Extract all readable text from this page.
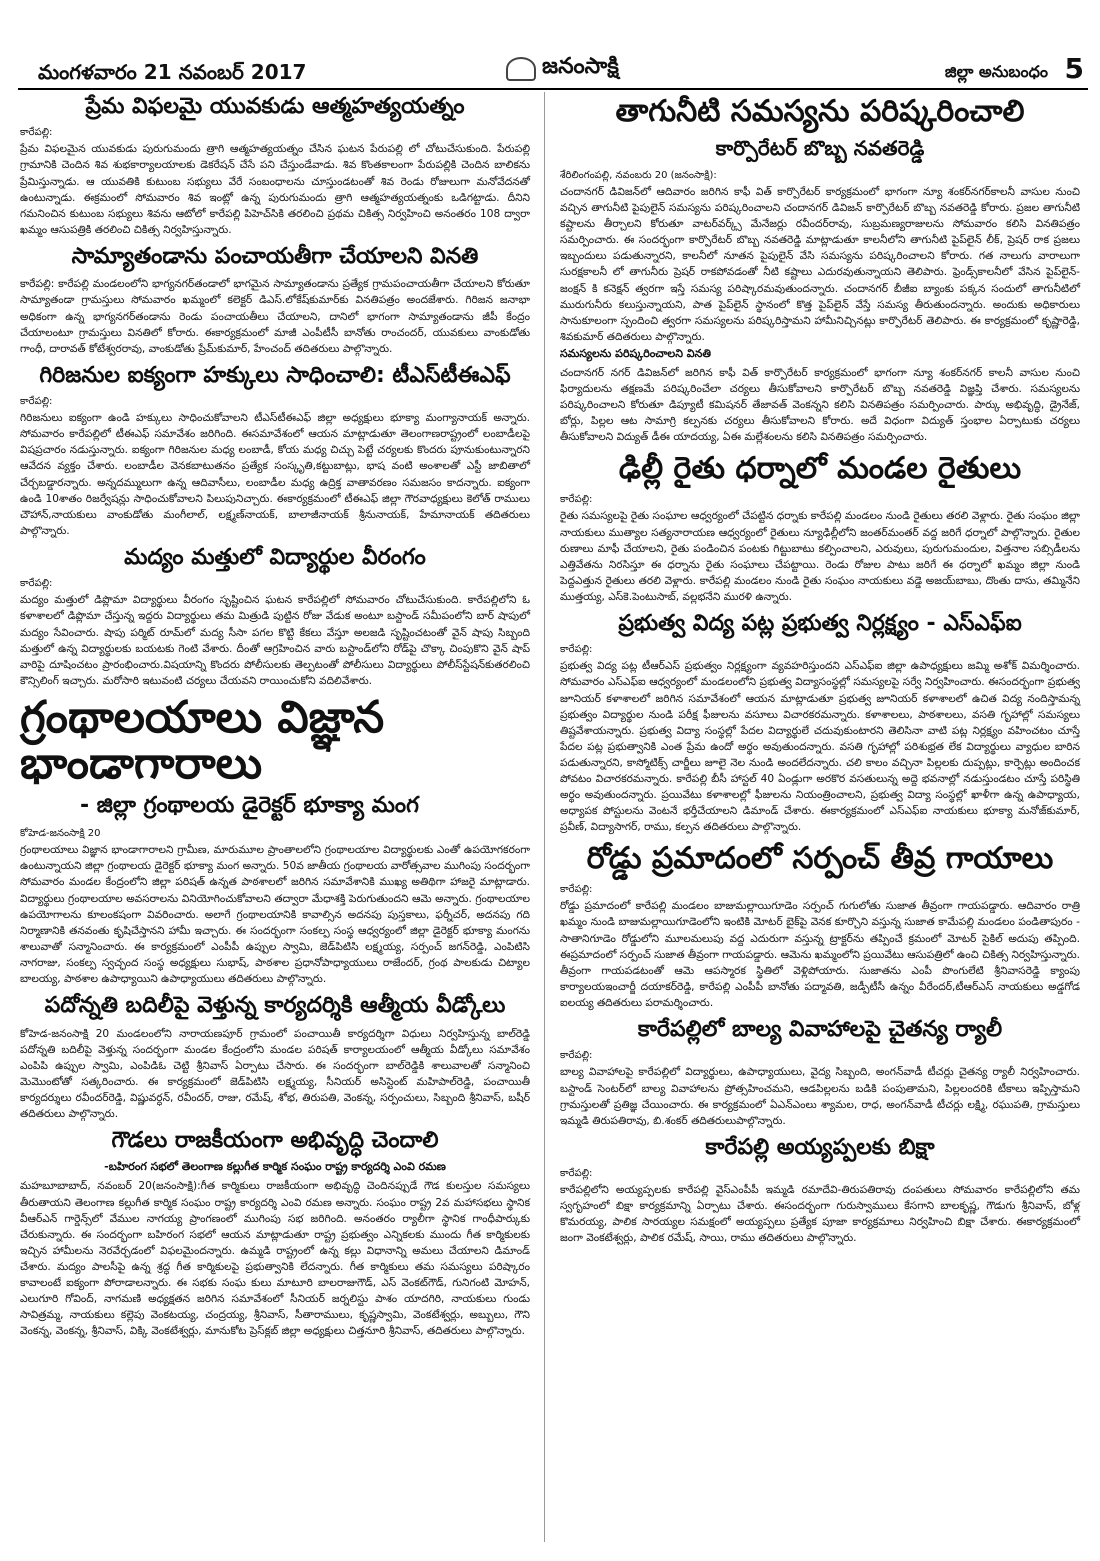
మంగళవారం 21 నవంబర్ 2017	జనంసాక్షి	జిల్లా అనుబంధం 5
ప్రేమ విఫలమై యువకుడు ఆత్మహత్యయత్నం
కారేపల్లి:
ప్రేమ విఫలమైన యువకుడు పురుగుమందు త్రాగి ఆత్మహత్యయత్నం చేసిన ఘటన పేరుపల్లి లో చోటుచేసుకుంది. పేరుపల్లి గ్రామానికి చెందిన శివ శుభకార్యాలయాలకు డెకరేషన్ చేసే పని చేస్తుండేవాడు. శివ కొంతకాలంగా పేరుపల్లికి చెందిన బాలికను ప్రేమిస్తున్నాడు. ఆ యువతికి కుటుంబ సభ్యులు వేరే సంబంధాలను చూస్తుండటంతో శివ రెండు రోజులుగా మనోవేదనతో ఉంటున్నాడు. ఈక్రమంలో సోమవారం శివ ఇంట్లో ఉన్న పురుగుమందు త్రాగి ఆత్మహత్యయత్నంకు ఒడిగట్టాడు. దీనిని గమనించిన కుటుంబ సభ్యులు శివను ఆటోలో కారేపల్లి పిహెచ్‌సికి తరలించి ప్రథమ చికిత్స నిర్వహించి అనంతరం 108 ద్వారా ఖమ్మం ఆసుపత్రికి తరలించి చికిత్స నిర్వహిస్తున్నారు.
సామ్యాతండాను పంచాయతీగా చేయాలని వినతి
కారేపల్లి: కారేపల్లి మండలంలోని భాగ్యనగర్‌తండాలో భాగమైన సామ్యాతండాను ప్రత్యేక గ్రామపంచాయతీగా చేయాలని కోరుతూ సామ్యాతండా గ్రామస్తులు సోమవారం ఖమ్మంలో కలెక్టర్ డిఎస్.లోకేష్‌కుమార్‌కు వినతిపత్రం అందజేశారు. గిరిజన జనాభా అధికంగా ఉన్న భాగ్యనగర్‌తండాను రెండు పంచాయతీలు చేయాలని, దానిలో భాగంగా సామ్యాతండాను జీపీ కేంద్రం చేయాలంటూ గ్రామస్తులు వినతిలో కోరారు. ఈకార్యక్రమంలో మాజీ ఎంపీటీసీ బానోతు రాంచందర్, యువకులు వాంకుడోతు గాంధీ, దారావత్ కోటేశ్వరరావు, వాంకుడోతు ప్రేమ్‌కుమార్, హేంచంద్ తదితరులు పాల్గొన్నారు.
గిరిజనుల ఐక్యంగా హక్కులు సాధించాలి: టీఎస్‌టీఈఎఫ్
కారేపల్లి:
గిరిజనులు ఐక్యంగా ఉండి హక్కులు సాధించుకోవాలని టీఎస్‌టీఈఎఫ్ జిల్లా అధ్యక్షులు భూక్యా మంగ్యానాయక్ అన్నారు. సోమవారం కారేపల్లిలో టీఈఎఫ్ సమావేశం జరిగింది. ఈసమావేశంలో ఆయన మాట్లాడుతూ తెలంగాణరాష్ట్రంలో లంబాడీలపై విషప్రచారం నడుస్తున్నారు. ఐక్యంగా గిరిజనుల మధ్య లంబాడీ, కోయ మధ్య చిచ్చు పెట్టే చర్యలకు కొందరు పూనుకుంటున్నారని ఆవేదన వ్యక్తం చేశారు. లంబాడీల వెనకబాటుతనం ప్రత్యేక సంస్కృతి,కట్టుబాట్లు, భాష వంటి అంశాలతో ఎస్టీ జాబితాలో చేర్చబడ్డారన్నారు. అన్నదమ్ములుగా ఉన్న ఆదివాసీలు, లంబాడీల మధ్య ఉద్రిక్త వాతావరణం సమజసం కాదన్నారు. ఐక్యంగా ఉండి 10శాతం రిజర్వేషన్లు సాధించుకోవాలని పిలుపునిచ్చారు. ఈకార్యక్రమంలో టీఈఎఫ్ జిల్లా గౌరవాధ్యక్షులు కెలోత్ రాములు చౌహాన్,నాయకులు వాంకుడోతు మంగీలాల్, లక్ష్మణ్‌నాయక్, బాలాజీనాయక్ శ్రీనునాయక్, హేమానాయక్ తదితరులు పాల్గొన్నారు.
మద్యం మత్తులో విద్యార్థుల వీరంగం
కారేపల్లి:
మద్యం మత్తులో డిప్లొమా విద్యార్థులు వీరంగం సృష్టించిన ఘటన కారేపల్లిలో సోమవారం చోటుచేసుకుంది. కారేపల్లిలోని ఓ కళాశాలలో డిప్లొమా చేస్తున్న ఇద్దరు విద్యార్థులు తమ మిత్రుడి పుట్టిన రోజు వేడుక అంటూ బస్టాండ్ సమీపంలోని బార్ షాపులో మద్యం సేవించారు. షాపు పర్మిట్ రూమ్‌లో మద్య సీసా పగల కొట్టి కేకలు వేస్తూ అలజడి సృష్టించటంతో వైన్ షాపు సిబ్బంది మత్తులో ఉన్న విద్యార్థులకు బయటకు గెంటి వేశారు. దీంతో ఆగ్రహించిన వారు బస్టాండ్‌లోని రోడ్‌పై చొక్కా చింపుకొని వైన్ షాప్ వారిపై దూషించటం ప్రారంభించారు.విషయాన్ని కొందరు పోలీసులకు తెల్పటంతో పోలీసులు విద్యార్థులు పోలీస్‌స్టేషన్‌కుతరలించి కౌన్సిలింగ్ ఇచ్చారు. మరోసారి ఇటువంటి చర్యలు చేయవని రాయించుకోని వదిలివేశారు.
గ్రంథాలయాలు విజ్ఞాన భాండాగారాలు
- జిల్లా గ్రంథాలయ డైరెక్టర్ భూక్యా మంగ
కోహెడ-జనంసాక్షి 20
గ్రంథాలయాలు విజ్ఞాన భాండాగారాలని గ్రామీణ, మారుమూల ప్రాంతాలలోని గ్రంథాలయాల విద్యార్థులకు ఎంతో ఉపయోగకరంగా ఉంటున్నాయని జిల్లా గ్రంథాలయ డైరెక్టర్ భూక్యా మంగ అన్నారు. 50వ జాతీయ గ్రంథాలయ వారోత్సవాల ముగింపు సందర్భంగా సోమవారం మండల కేంద్రంలోని జిల్లా పరిషత్ ఉన్నత పాఠశాలలో జరిగిన సమావేశానికి ముఖ్య అతిథిగా హాజరై మాట్లాడారు. విద్యార్థులు గ్రంథాలయాల అవసరాలను వినియోగించుకోవాలని తద్వారా మేధాశక్తి పెరుగుతుందని ఆమె అన్నారు. గ్రంథాలయాల ఉపయోగాలను కూలంకషంగా వివరించారు. అలాగే గ్రంథాలయానికి కావాల్సిన అదనపు పుస్తకాలు, ఫర్నీచర్, అదనపు గది నిర్మాణానికి తనవంతు కృషిచేస్తానని హామీ ఇచ్చారు. ఈ సందర్భంగా సంకల్ప సంస్థ ఆధ్వర్యంలో జిల్లా డైరెక్టర్ భూక్యా మంగను శాలువాతో సన్మానించారు. ఈ కార్యక్రమంలో ఎంపీపీ ఉప్పుల స్వామి, జెడ్‌పిటిసి లక్ష్మయ్య, సర్పంచ్ జగన్‌రెడ్డి, ఎంపిటిసి నాగరాజు, సంకల్ప స్వచ్ఛంద సంస్థ అధ్యక్షులు సుభాష్, పాఠశాల ప్రధానోపాధ్యాయులు రాజేందర్, గ్రంథ పాలకుడు చిట్యాల బాలయ్య, పాఠశాల ఉపాధ్యాయిని ఉపాధ్యాయులు తదితరులు పాల్గొన్నారు.
పదోన్నతి బదిలీపై వెళ్తున్న కార్యదర్శికి ఆత్మీయ వీడ్కోలు
కోహెడ-జనంసాక్షి 20 మండలంలోని నారాయణపూర్ గ్రామంలో పంచాయితీ కార్యదర్శిగా విధులు నిర్వహిస్తున్న బాల్‌రెడ్డి పదోన్నతి బదిలీపై వెళ్తున్న సందర్భంగా మండల కేంద్రంలోని మండల పరిషత్ కార్యాలయంలో ఆత్మీయ వీడ్కోలు సమావేశం ఎంపిపి ఉప్పుల స్వామి, ఎంపిడిఓ చెట్టి శ్రీనివాస్ ఏర్పాటు చేసారు. ఈ సందర్భంగా బాల్‌రెడ్డికి శాలువాలతో సన్మానించి మెమొంటోతో సత్కరించారు. ఈ కార్యక్రమంలో జెడ్‌పిటిసి లక్ష్మయ్య, సీనియర్ అసిస్టెంట్ మహిపాల్‌రెడ్డి, పంచాయితీ కార్యదర్శులు రవీందర్‌రెడ్డి, విష్ణువర్ధన్, రవీందర్, రాజు, రమేష్, శోభ, తిరుపతి, వెంకన్న, సర్పంచులు, సిబ్బంది శ్రీనివాస్, బషీర్ తదితరులు పాల్గొన్నారు.
గౌడలు రాజకీయంగా అభివృద్ధి చెందాలి
-బహిరంగ సభలో తెలంగాణ కల్లుగీత కార్మిక సంఘం రాష్ట్ర కార్యదర్శి ఎంవి రమణ
మహబూబాబాద్, నవంబర్ 20(జనంసాక్షి):గీత కార్మికులు రాజకీయంగా అభివృద్ధి చెందినప్పుడే గౌడ కులస్తుల సమస్యలు తీరుతాయని తెలంగాణ కల్లుగీత కార్మిక సంఘం రాష్ట్ర కార్యదర్శి ఎంవి రమణ అన్నారు. సంఘం రాష్ట్ర 2వ మహాసభలు స్థానిక వీఆర్‌ఎన్ గార్డెన్స్‌లో వేముల నాగయ్య ప్రాంగణంలో ముగింపు సభ జరిగింది. అనంతరం ర్యాలీగా స్థానిక గాంధీపార్కుకు చేరుకున్నారు. ఈ సందర్భంగా బహిరంగ సభలో ఆయన మాట్లాడుతూ రాష్ట్ర ప్రభుత్వం ఎన్నికలకు ముందు గీత కార్మికులకు ఇచ్చిన హామీలను నెరవేర్చడంలో విఫలమైందన్నారు. ఉమ్మడి రాష్ట్రంలో ఉన్న కల్లు విధానాన్ని అమలు చేయాలని డిమాండ్ చేశారు. మద్యం పాలసీపై ఉన్న శ్రద్ధ గీత కార్మికులపై ప్రభుత్వానికి లేదన్నారు. గీత కార్మికులు తమ సమస్యలు పరిష్కారం కావాలంటే ఐక్యంగా పోరాడాలన్నారు. ఈ సభకు సంఘ కులు మాటూరి బాలరాజుగౌడ్, ఎస్ వెంకట్‌గౌడ్, గునిగంటి మోహన్, ఎలుగూరి గోవింద్, నాగమణి అధ్యక్షతన జరిగిన సమావేశంలో సీనియర్ జర్నలిస్టు పాశం యాదగిరి, నాయకులు గుండు సావిత్రమ్మ, నాయకులు కల్లెపు వెంకటయ్య, చంద్రయ్య, శ్రీనివాస్, సీతారాములు, కృష్ణస్వామి, వెంకటేశ్వర్లు, అబ్బులు, గౌని వెంకన్న, వెంకన్న, శ్రీనివాస్, విక్కి వెంకటేశ్వర్లు, మానుకోట ప్రెస్‌క్లబ్ జిల్లా అధ్యక్షులు చిత్తనూరి శ్రీనివాస్, తదితరులు పాల్గొన్నారు.
తాగునీటి సమస్యను పరిష్కరించాలి
కార్పొరేటర్ బొబ్బ నవతరెడ్డి
శేరిలింగంపల్లి, నవంబరు 20 (జనంసాక్షి):
చందానగర్ డివిజన్‌లో ఆదివారం జరిగిన కాఫీ విత్ కార్పొరేటర్ కార్యక్రమంలో భాగంగా న్యూ శంకర్‌నగర్‌కాలనీ వాసుల నుంచి వచ్చిన తాగునీటి పైపులైన్ సమస్యను పరిష్కరించాలని చందానగర్ డివిజన్ కార్పొరేటర్ బొబ్బ నవతరెడ్డి కోరారు. ప్రజల తాగునీటి కష్టాలను తీర్చాలని కోరుతూ వాటర్‌వర్క్స్ మేనేజర్లు రవీందర్‌రావు, సుబ్రమణ్యరాజులను సోమవారం కలిసి వినతిపత్రం సమర్పించారు. ఈ సందర్భంగా కార్పొరేటర్ బొబ్బ నవతరెడ్డి మాట్లాడుతూ కాలనీలోని తాగునీటి పైప్‌లైన్ లీక్, ప్రెషర్ రాక ప్రజలు ఇబ్బందులు పడుతున్నారని, కాలనీలో నూతన పైపులైన్ వేసి సమస్యను పరిష్కరించాలని కోరారు. గత నాలుగు వారాలుగా సురక్షకాలనీ లో తాగునీరు ప్రెషర్ రాకపోవడంతో నీటి కష్టాలు ఎదురవుతున్నాయని తెలిపారు. ఫ్రెండ్స్‌కాలనీలో వేసిన పైప్‌లైన్-జంక్షన్ కి కనెక్షన్ త్వరగా ఇస్తే సమస్య పరిష్కారమవుతుందన్నారు. చందానగర్ బీజీఐ బ్యాంకు పక్కన సందులో తాగునీటిలో మురుగునీరు కలుస్తున్నాయని, పాత పైప్‌లైన్ స్థానంలో కొత్త పైప్‌లైన్ వేస్తే సమస్య తీరుతుందన్నారు. అందుకు అధికారులు సానుకూలంగా స్పందించి త్వరగా సమస్యలను పరిష్కరిస్తామని హామీనిచ్చినట్లు కార్పొరేటర్ తెలిపారు. ఈ కార్యక్రమంలో కృష్ణారెడ్డి, శివకుమార్ తదితరులు పాల్గొన్నారు.
సమస్యలను పరిష్కరించాలని వినతి
చందానగర్ నగర్ డివిజన్‌లో జరిగిన కాఫీ విత్ కార్పొరేటర్ కార్యక్రమంలో భాగంగా న్యూ శంకర్‌నగర్ కాలనీ వాసుల నుంచి ఫిర్యాదులను తక్షణమే పరిష్కరించేలా చర్యలు తీసుకోవాలని కార్పొరేటర్ బొబ్బ నవతరెడ్డి విజ్ఞప్తి చేశారు. సమస్యలను పరిష్కరించాలని కోరుతూ డిప్యూటీ కమిషనర్ తేజావత్ వెంకన్నని కలిసి వినతిపత్రం సమర్పించారు. పార్కు అభివృద్ధి, డ్రైనేజ్, బోర్లు, పిల్లల ఆట సామాగ్రి కల్పనకు చర్యలు తీసుకోవాలని కోరారు. అదే విధంగా విద్యుత్ స్తంభాల ఏర్పాటుకు చర్యలు తీసుకోవాలని విద్యుత్ డీఈ యాదయ్య, ఏఈ మల్లేశంలను కలిసి వినతిపత్రం సమర్పించారు.
ఢిల్లీ రైతు ధర్నాలో మండల రైతులు
కారేపల్లి:
రైతు సమస్యలపై రైతు సంఘాల ఆధ్వర్యంలో చేపట్టిన ధర్నాకు కారేపల్లి మండలం నుండి రైతులు తరలి వెళ్లారు. రైతు సంఘం జిల్లా నాయకులు ముత్యాల సత్యనారాయణ ఆధ్వర్యంలో రైతులు న్యూఢిల్లీలోని జంతర్‌మంతర్ వద్ద జరిగే ధర్నాలో పాల్గొన్నారు. రైతుల రుణాలు మాఫీ చేయాలని, రైతు పండించిన పంటకు గిట్టుబాటు కల్పించాలని, ఎరువులు, పురుగుమందుల, విత్తనాల సబ్సిడీలను ఎత్తివేతను నిరసిస్తూ ఈ ధర్నాను రైతు సంఘాలు చేపట్టాయి. రెండు రోజుల పాటు జరిగే ఈ ధర్నాలో ఖమ్మం జిల్లా నుండి పెద్దఎత్తున రైతులు తరలి వెళ్లారు. కారేపల్లి మండలం నుండి రైతు సంఘం నాయకులు వడ్డె అజయ్‌బాబు, దొంతు దాసు, తమ్మినేని ముత్తయ్య, ఎస్‌కె.పెంటుసాబ్, వల్లభనేని మురళి ఉన్నారు.
ప్రభుత్వ విద్య పట్ల ప్రభుత్వ నిర్లక్ష్యం - ఎస్ఎఫ్ఐ
కారేపల్లి:
ప్రభుత్వ విద్య పట్ల టీఆర్ఎస్ ప్రభుత్వం నిర్లక్ష్యంగా వ్యవహరిస్తుందని ఎస్ఎఫ్ఐ జిల్లా ఉపాధ్యక్షులు జమ్మి అశోక్ విమర్శించారు. సోమవారం ఎస్ఎఫ్ఐ ఆధ్వర్యంలో మండలంలోని ప్రభుత్వ విద్యాసంస్థల్లో సమస్యలపై సర్వే నిర్వహించారు. ఈసందర్భంగా ప్రభుత్వ జూనియర్ కళాశాలలో జరిగిన సమావేశంలో ఆయన మాట్లాడుతూ ప్రభుత్వ జూనియర్ కళాశాలలో ఉచిత విద్య నందిస్తామన్న ప్రభుత్వం విద్యార్థుల నుండి పరీక్ష ఫీజులను వసూలు విచారకరమన్నారు. కళాశాలలు, పాఠశాలలు, వసతి గృహాల్లో సమస్యలు తిష్టవేశాయన్నారు. ప్రభుత్వ విద్యా సంస్థల్లో పేదల విద్యార్థులే చదువుకుంటారని తెలిసినా వాటి పట్ల నిర్లక్ష్యం వహించటం చూస్తే పేదల పట్ల ప్రభుత్వానికి ఎంత ప్రేమ ఉందో అర్థం అవుతుందన్నారు. వసతి గృహాల్లో పరిశుభ్రత లేక విద్యార్థులు వ్యాధుల బారిన పడుతున్నారని, కాస్మోటిక్స్ చార్జీలు జూలై నెల నుండి అందలేదన్నారు. చలి కాలం వచ్చినా పిల్లలకు దుప్పట్లు, కార్పెట్లు అందించక పోవటం విచారకరమన్నారు. కారేపల్లి బీసీ హాస్టల్ 40 ఏండ్లుగా అరకొర వసతులున్న అద్దె భవనాల్లో నడుస్తుండటం చూస్తే పరిస్థితి అర్థం అవుతుందన్నారు. ప్రయివేటు కళాశాలల్లో ఫీజులను నియంత్రించాలని, ప్రభుత్వ విద్యా సంస్థల్లో ఖాళీగా ఉన్న ఉపాధ్యాయ, అధ్యాపక పోస్టులను వెంటనే భర్తీచేయాలని డిమాండ్ చేశారు. ఈకార్యక్రమంలో ఎస్ఎఫ్ఐ నాయకులు భూక్యా మనోజ్‌కుమార్, ప్రవీణ్, విద్యాసాగర్, రాము, కల్పన తదితరులు పాల్గొన్నారు.
రోడ్డు ప్రమాదంలో సర్పంచ్ తీవ్ర గాయాలు
కారేపల్లి:
రోడ్డు ప్రమాదంలో కారేపల్లి మండలం బాజుమల్లాయిగూడెం సర్పంచ్ గుగులోతు సుజాత తీవ్రంగా గాయపడ్డారు. ఆదివారం రాత్రి ఖమ్మం నుండి బాజుమల్లాయిగూడెంలోని ఇంటికి మోటర్ బైక్‌పై వెనక కూర్చొని వస్తున్న సుజాత కామేపల్లి మండలం పండితాపురం - సాతానిగూడెం రోడ్డులోని మూలమలుపు వద్ద ఎదురుగా వస్తున్న ట్రాక్టర్‌ను తప్పించే క్రమంలో మోటర్ సైకిల్ అదుపు తప్పింది. ఈప్రమాదంలో సర్పంచ్ సుజాత తీవ్రంగా గాయపడ్డారు. ఆమెను ఖమ్మంలోని ప్రయివేటు ఆసుపత్రిలో ఉంచి చికిత్స నిర్వహిస్తున్నారు. తీవ్రంగా గాయపడటంతో ఆమె ఆపస్మారక స్థితిలో వెళ్లిపోయారు. సుజాతను ఎంపీ పొంగులేటి శ్రీనివాసరెడ్డి క్యాంపు కార్యాలయఇంచార్జీ దయాకర్‌రెడ్డి, కారేపల్లి ఎంపీపీ బానోతు పద్మావతి, జడ్పీటీసీ ఉన్నం వీరేందర్,టీఆర్ఎస్ నాయకులు అడ్డగోడ ఐలయ్య తదితరులు పరామర్శించారు.
కారేపల్లిలో బాల్య వివాహాలపై చైతన్య ర్యాలీ
కారేపల్లి:
బాల్య వివాహాలపై కారేపల్లిలో విద్యార్థులు, ఉపాధ్యాయులు, వైద్య సిబ్బంది, అంగన్‌వాడీ టీచర్లు చైతన్య ర్యాలీ నిర్వహించారు. బస్టాండ్ సెంటర్‌లో బాల్య వివాహాలను ప్రోత్సహించమని, ఆడపిల్లలను బడికి పంపుతామని, పిల్లలందరికి టీకాలు ఇప్పిస్తామని గ్రామస్తులతో ప్రతిజ్ఞ చేయించారు. ఈ కార్యక్రమంలో ఏఎన్ఎంలు శ్యామల, రాధ, అంగన్‌వాడీ టీచర్లు లక్ష్మి, రఘుపతి, గ్రామస్తులు ఇమ్మడి తిరుపతిరావు, బి.శంకర్ తదితరులుపాల్గొన్నారు.
కారేపల్లి అయ్యప్పలకు బిక్షా
కారేపల్లి:
కారేపల్లిలోని అయ్యప్పలకు కారేపల్లి వైస్‌ఎంపీపీ ఇమ్మడి రమాదేవి-తిరుపతిరావు దంపతులు సోమవారం కారేపల్లిలోని తమ స్వగృహంలో బిక్షా కార్యక్రమాన్ని ఏర్పాటు చేశారు. ఈసందర్భంగా గురుస్వాములు కేసగాని బాలకృష్ణ, గౌడుగు శ్రీనివాస్, బోళ్ల కొమరయ్య, పాలిక సారయ్యల సమక్షంలో అయ్యప్పలు ప్రత్యేక పూజా కార్యక్రమాలు నిర్వహించి బిక్షా చేశారు. ఈకార్యక్రమంలో జంగా వెంకటేశ్వర్లు, పాలిక రమేష్, సాయి, రాము తదితరులు పాల్గొన్నారు.
